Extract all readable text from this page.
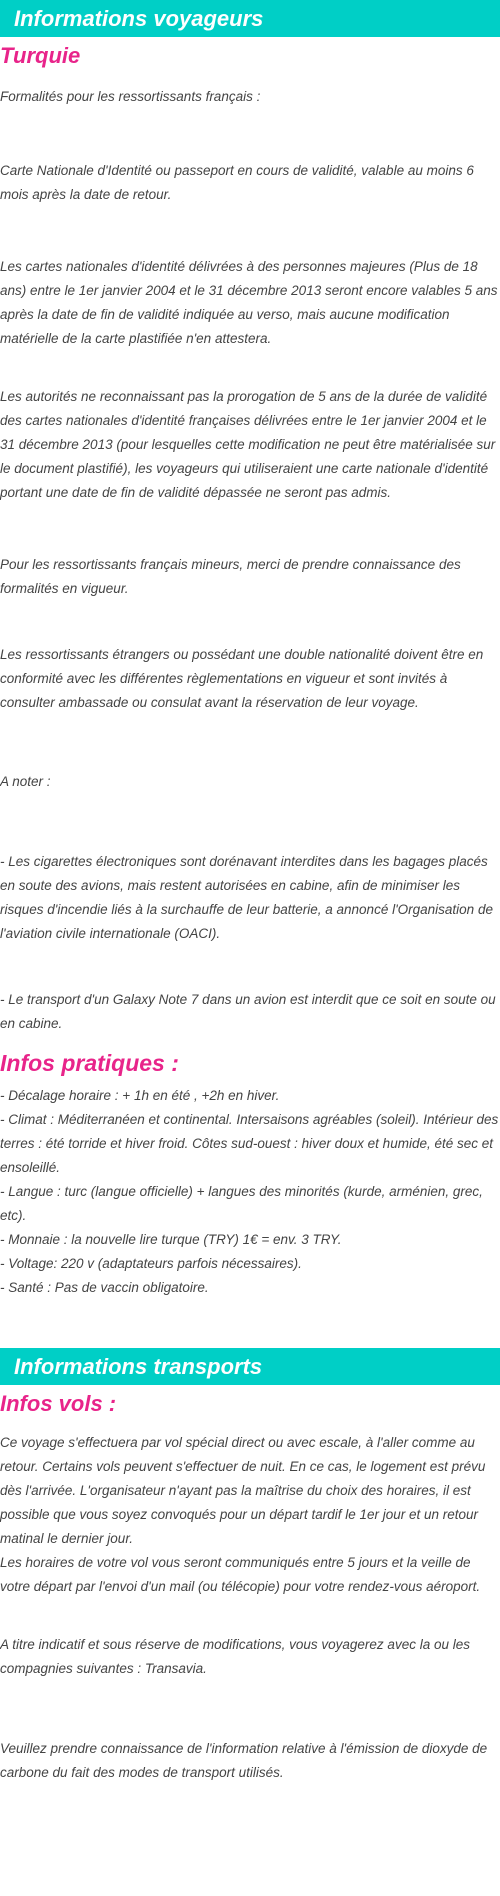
Informations voyageurs
Turquie

Formalités pour les ressortissants français :

Carte Nationale d'Identité ou passeport en cours de validité, valable au moins 6 mois après la date de retour.

Les cartes nationales d'identité délivrées à des personnes majeures (Plus de 18 ans) entre le 1er janvier 2004 et le 31 décembre 2013 seront encore valables 5 ans après la date de fin de validité indiquée au verso, mais aucune modification matérielle de la carte plastifiée n'en attestera.

Les autorités ne reconnaissant pas la prorogation de 5 ans de la durée de validité des cartes nationales d'identité françaises délivrées entre le 1er janvier 2004 et le 31 décembre 2013 (pour lesquelles cette modification ne peut être matérialisée sur le document plastifié), les voyageurs qui utiliseraient une carte nationale d'identité portant une date de fin de validité dépassée ne seront pas admis.

Pour les ressortissants français mineurs, merci de prendre connaissance des formalités en vigueur.

Les ressortissants étrangers ou possédant une double nationalité doivent être en conformité avec les différentes règlementations en vigueur et sont invités à consulter ambassade ou consulat avant la réservation de leur voyage.

A noter :

- Les cigarettes électroniques sont dorénavant interdites dans les bagages placés en soute des avions, mais restent autorisées en cabine, afin de minimiser les risques d'incendie liés à la surchauffe de leur batterie, a annoncé l'Organisation de l'aviation civile internationale (OACI).

- Le transport d'un Galaxy Note 7 dans un avion est interdit que ce soit en soute ou en cabine.

Infos pratiques :
- Décalage horaire : + 1h en été , +2h en hiver.
- Climat : Méditerranéen et continental. Intersaisons agréables (soleil). Intérieur des terres : été torride et hiver froid. Côtes sud-ouest : hiver doux et humide, été sec et ensoleillé.
- Langue : turc (langue officielle) + langues des minorités (kurde, arménien, grec, etc).
- Monnaie : la nouvelle lire turque (TRY) 1€ = env. 3 TRY.
- Voltage: 220 v (adaptateurs parfois nécessaires).
- Santé : Pas de vaccin obligatoire.
Informations transports
Infos vols :
Ce voyage s'effectuera par vol spécial direct ou avec escale, à l'aller comme au retour. Certains vols peuvent s'effectuer de nuit. En ce cas, le logement est prévu dès l'arrivée. L'organisateur n'ayant pas la maîtrise du choix des horaires, il est possible que vous soyez convoqués pour un départ tardif le 1er jour et un retour matinal le dernier jour.
Les horaires de votre vol vous seront communiqués entre 5 jours et la veille de votre départ par l'envoi d'un mail (ou télécopie) pour votre rendez-vous aéroport.

A titre indicatif et sous réserve de modifications, vous voyagerez avec la ou les compagnies suivantes : Transavia.

Veuillez prendre connaissance de l'information relative à l'émission de dioxyde de carbone du fait des modes de transport utilisés.
